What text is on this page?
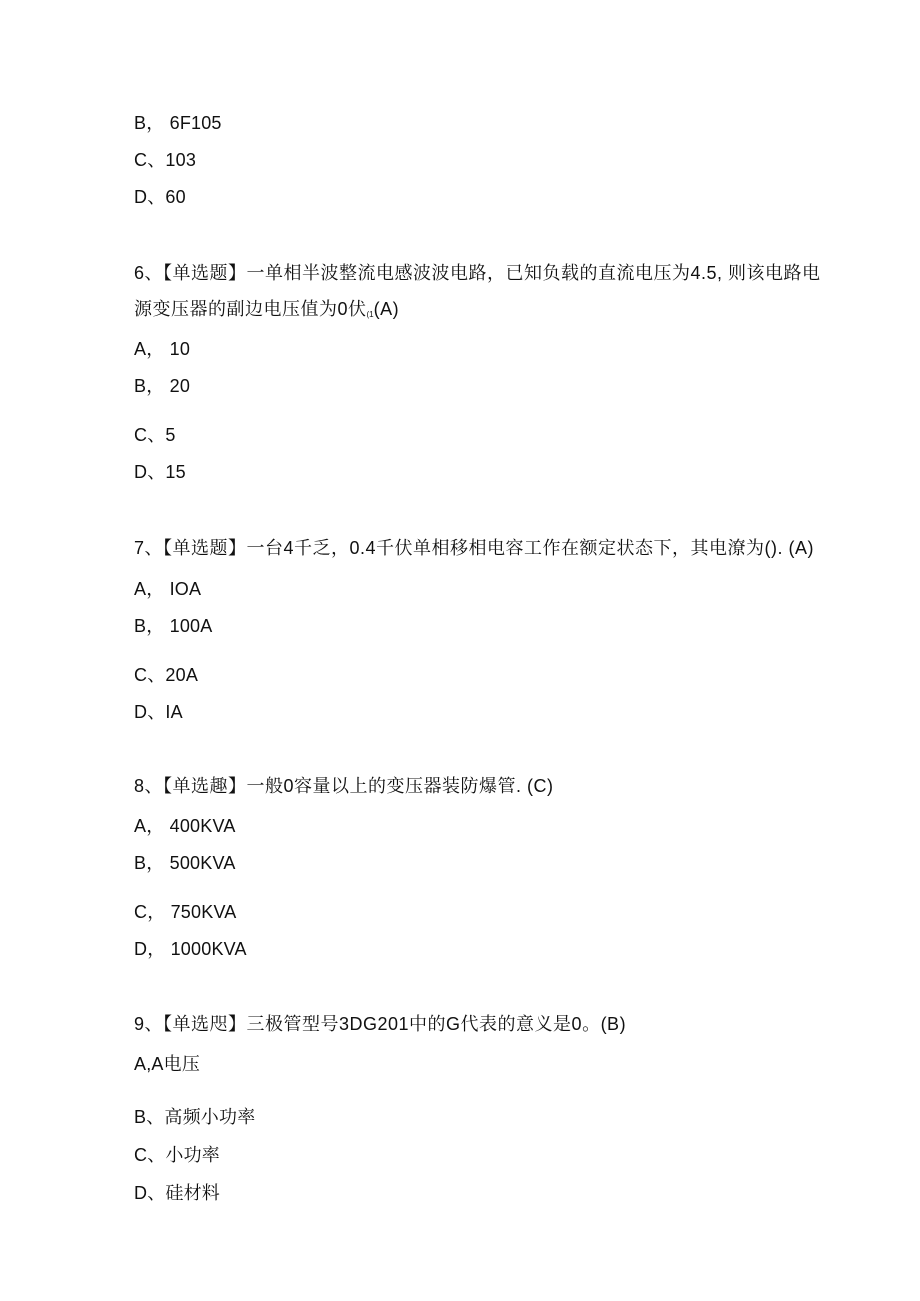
B， 6F105
C、103
D、60
6、【单选题】一单相半波整流电感波波电路，已知负载的直流电压为4.5, 则该电路电
源变压器的副边电压值为0伏$_{(1}$(A)
A， 10
B， 20
C、5
D、15
7、【单选题】一台4千乏，0.4千伏单相移相电容工作在额定状态下，其电潦为(). (A)
A， IOA
B， 100A
C、20A
D、IA
8、【单选趣】一般0容量以上的变压器装防爆管. (C)
A， 400KVA
B， 500KVA
C， 750KVA
D， 1000KVA
9、【单选咫】三极管型号3DG201中的G代表的意义是0。(B)
A,A电压
B、高频小功率
C、小功率
D、硅材料
